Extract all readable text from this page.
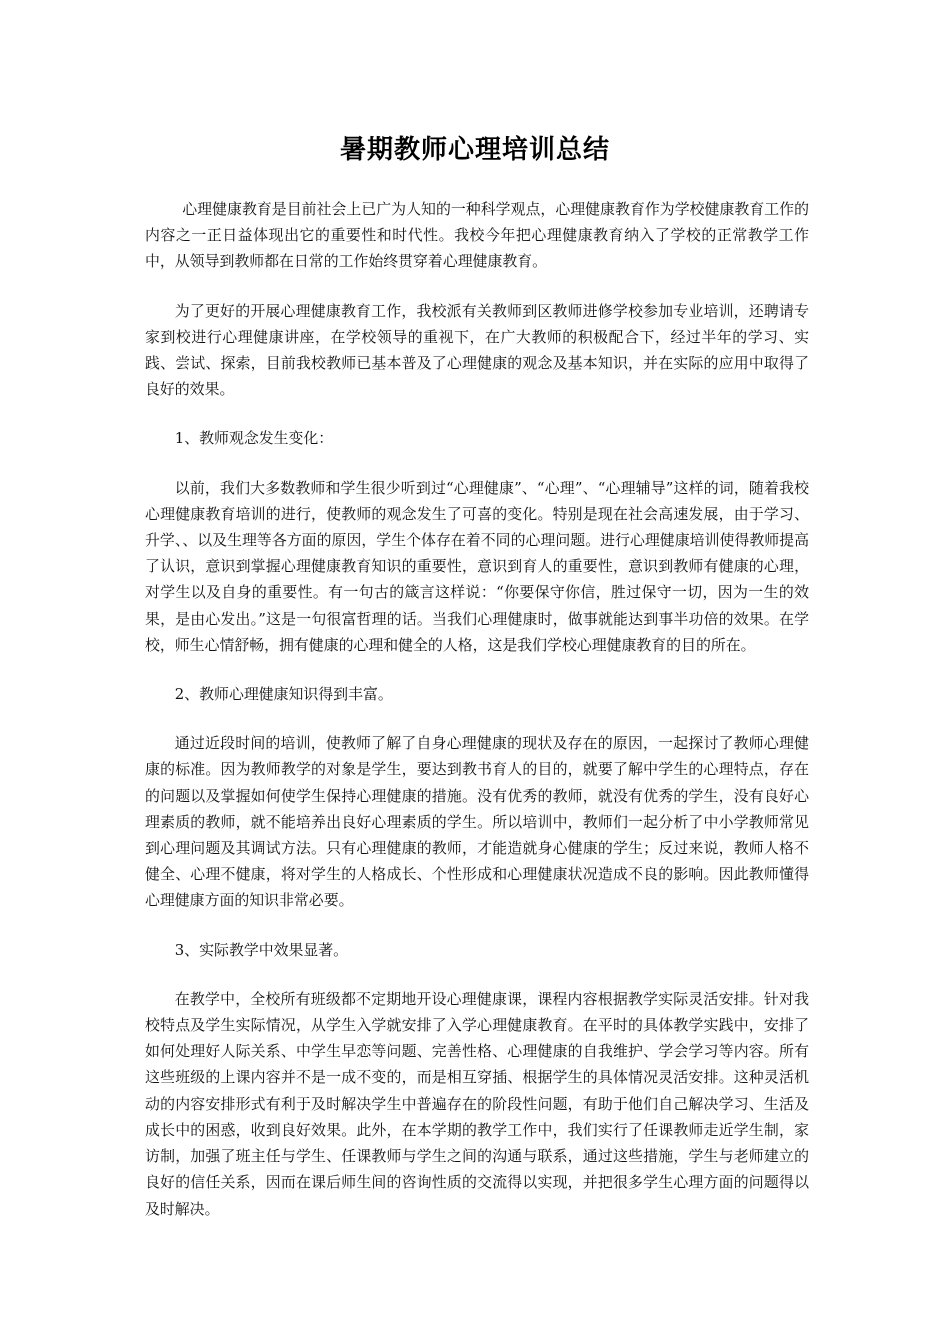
暑期教师心理培训总结

心理健康教育是目前社会上已广为人知的一种科学观点，心理健康教育作为学校健康教育工作的内容之一正日益体现出它的重要性和时代性。我校今年把心理健康教育纳入了学校的正常教学工作中，从领导到教师都在日常的工作始终贯穿着心理健康教育。

为了更好的开展心理健康教育工作，我校派有关教师到区教师进修学校参加专业培训，还聘请专家到校进行心理健康讲座，在学校领导的重视下，在广大教师的积极配合下，经过半年的学习、实践、尝试、探索，目前我校教师已基本普及了心理健康的观念及基本知识，并在实际的应用中取得了良好的效果。

1、教师观念发生变化：

以前，我们大多数教师和学生很少听到过“心理健康”、“心理”、“心理辅导”这样的词，随着我校心理健康教育培训的进行，使教师的观念发生了可喜的变化。特别是现在社会高速发展，由于学习、升学、、以及生理等各方面的原因，学生个体存在着不同的心理问题。进行心理健康培训使得教师提高了认识，意识到掌握心理健康教育知识的重要性，意识到育人的重要性，意识到教师有健康的心理，对学生以及自身的重要性。有一句古的箴言这样说：“你要保守你信，胜过保守一切，因为一生的效果，是由心发出。”这是一句很富哲理的话。当我们心理健康时，做事就能达到事半功倍的效果。在学校，师生心情舒畅，拥有健康的心理和健全的人格，这是我们学校心理健康教育的目的所在。

2、教师心理健康知识得到丰富。

通过近段时间的培训，使教师了解了自身心理健康的现状及存在的原因，一起探讨了教师心理健康的标准。因为教师教学的对象是学生，要达到教书育人的目的，就要了解中学生的心理特点，存在的问题以及掌握如何使学生保持心理健康的措施。没有优秀的教师，就没有优秀的学生，没有良好心理素质的教师，就不能培养出良好心理素质的学生。所以培训中，教师们一起分析了中小学教师常见到心理问题及其调试方法。只有心理健康的教师，才能造就身心健康的学生；反过来说，教师人格不健全、心理不健康，将对学生的人格成长、个性形成和心理健康状况造成不良的影响。因此教师懂得心理健康方面的知识非常必要。

3、实际教学中效果显著。

在教学中，全校所有班级都不定期地开设心理健康课，课程内容根据教学实际灵活安排。针对我校特点及学生实际情况，从学生入学就安排了入学心理健康教育。在平时的具体教学实践中，安排了如何处理好人际关系、中学生早恋等问题、完善性格、心理健康的自我维护、学会学习等内容。所有这些班级的上课内容并不是一成不变的，而是相互穿插、根据学生的具体情况灵活安排。这种灵活机动的内容安排形式有利于及时解决学生中普遍存在的阶段性问题，有助于他们自己解决学习、生活及成长中的困惑，收到良好效果。此外，在本学期的教学工作中，我们实行了任课教师走近学生制，家访制，加强了班主任与学生、任课教师与学生之间的沟通与联系，通过这些措施，学生与老师建立的良好的信任关系，因而在课后师生间的咨询性质的交流得以实现，并把很多学生心理方面的问题得以及时解决。
